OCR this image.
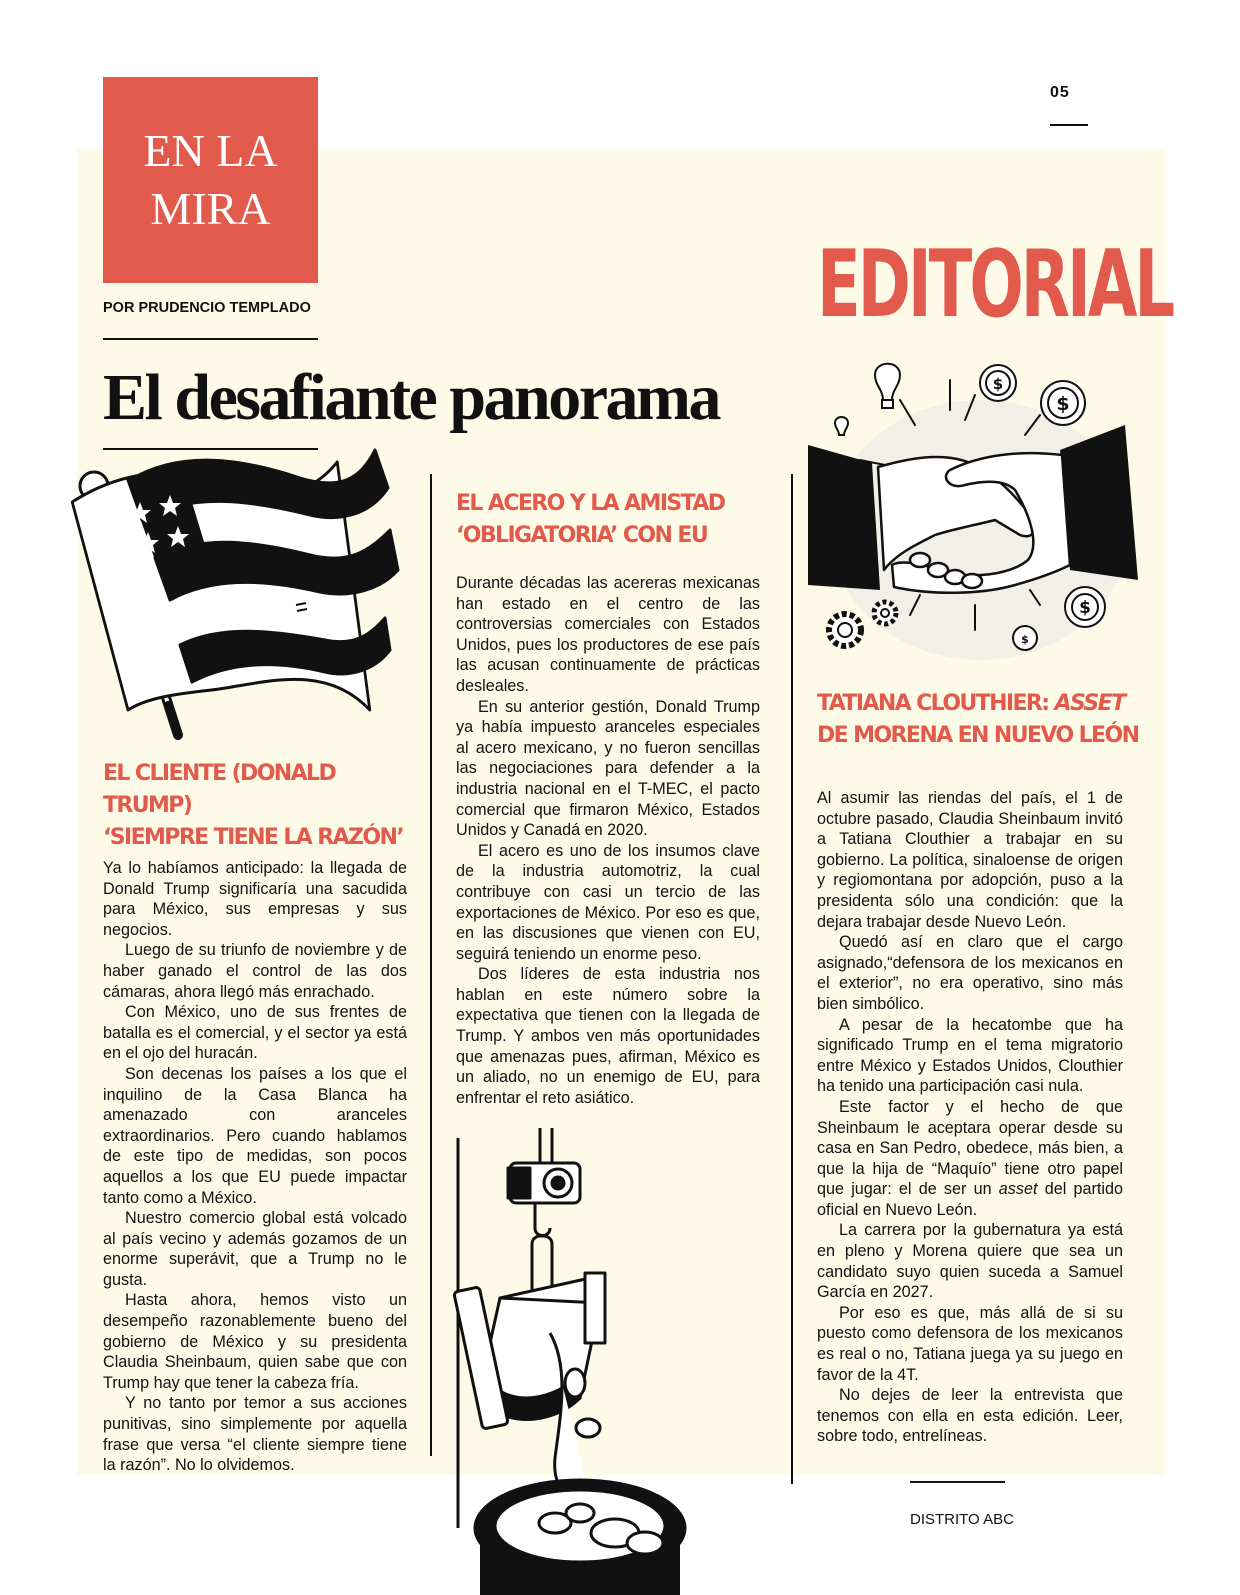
05
EN LA
MIRA
POR PRUDENCIO TEMPLADO
El desafiante panorama
EDITORIAL
$
$
$
$
EL CLIENTE (DONALD TRUMP)
‘SIEMPRE TIENE LA RAZÓN’
EL ACERO Y LA AMISTAD
‘OBLIGATORIA’ CON EU
TATIANA CLOUTHIER: ASSET
DE MORENA EN NUEVO LEÓN

Ya lo habíamos anticipado: la llegada de Donald Trump significaría una sacudida para México, sus empresas y sus negocios.

Luego de su triunfo de noviembre y de haber ganado el control de las dos cámaras, ahora llegó más enrachado.

Con México, uno de sus frentes de batalla es el comercial, y el sector ya está en el ojo del huracán.

Son decenas los países a los que el inquilino de la Casa Blanca ha amenazado con aranceles extraordinarios. Pero cuando hablamos de este tipo de medidas, son pocos aquellos a los que EU puede impactar tanto como a México.

Nuestro comercio global está volcado al país vecino y además gozamos de un enorme superávit, que a Trump no le gusta.

Hasta ahora, hemos visto un desempeño razonablemente bueno del gobierno de México y su presidenta Claudia Sheinbaum, quien sabe que con Trump hay que tener la cabeza fría.

Y no tanto por temor a sus acciones punitivas, sino simplemente por aquella frase que versa “el cliente siempre tiene la razón”. No lo olvidemos.

Durante décadas las acereras mexicanas han estado en el centro de las controversias comerciales con Estados Unidos, pues los productores de ese país las acusan continuamente de prácticas desleales.

En su anterior gestión, Donald Trump ya había impuesto aranceles especiales al acero mexicano, y no fueron sencillas las negociaciones para defender a la industria nacional en el T-MEC, el pacto comercial que firmaron México, Estados Unidos y Canadá en 2020.

El acero es uno de los insumos clave de la industria automotriz, la cual contribuye con casi un tercio de las exportaciones de México. Por eso es que, en las discusiones que vienen con EU, seguirá teniendo un enorme peso.

Dos líderes de esta industria nos hablan en este número sobre la expectativa que tienen con la llegada de Trump. Y ambos ven más oportunidades que amenazas pues, afirman, México es un aliado, no un enemigo de EU, para enfrentar el reto asiático.

Al asumir las riendas del país, el 1 de octubre pasado, Claudia Sheinbaum invitó a Tatiana Clouthier a trabajar en su gobierno. La política, sinaloense de origen y regiomontana por adopción, puso a la presidenta sólo una condición: que la dejara trabajar desde Nuevo León.

Quedó así en claro que el cargo asignado,“defensora de los mexicanos en el exterior”, no era operativo, sino más bien simbólico.

A pesar de la hecatombe que ha significado Trump en el tema migratorio entre México y Estados Unidos, Clouthier ha tenido una participación casi nula.

Este factor y el hecho de que Sheinbaum le aceptara operar desde su casa en San Pedro, obedece, más bien, a que la hija de “Maquío” tiene otro papel que jugar: el de ser un asset del partido oficial en Nuevo León.

La carrera por la gubernatura ya está en pleno y Morena quiere que sea un candidato suyo quien suceda a Samuel García en 2027.

Por eso es que, más allá de si su puesto como defensora de los mexicanos es real o no, Tatiana juega ya su juego en favor de la 4T.

No dejes de leer la entrevista que tenemos con ella en esta edición. Leer, sobre todo, entrelíneas.

DISTRITO ABC
